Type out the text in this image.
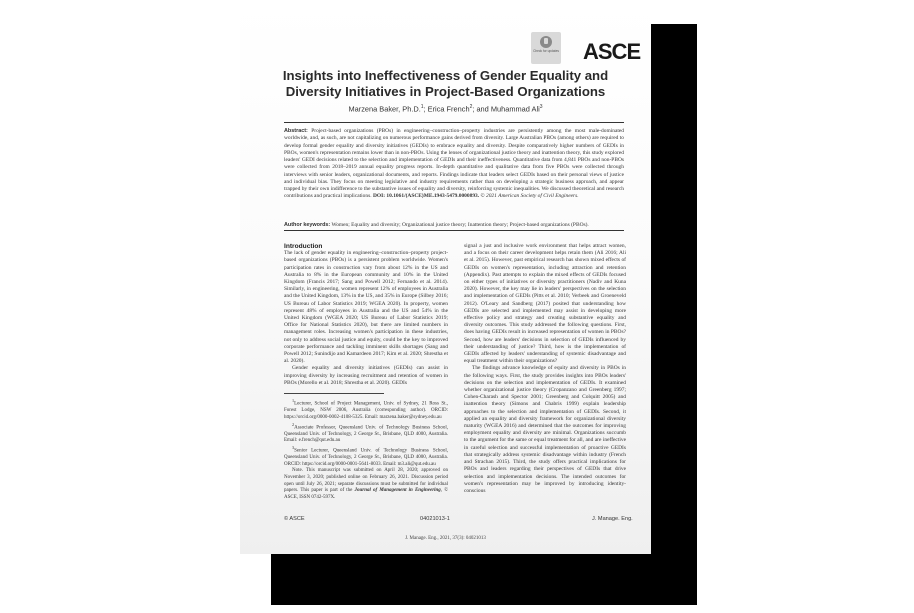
Check for updates ASCE
Insights into Ineffectiveness of Gender Equality and
Diversity Initiatives in Project-Based Organizations
Marzena Baker, Ph.D.$^1$; Erica French$^2$; and Muhammad Ali$^3$
Abstract: Project-based organizations (PBOs) in engineering–construction–property industries are persistently among the most male-dominated worldwide, and, as such, are not capitalizing on numerous performance gains derived from diversity. Large Australian PBOs (among others) are required to develop formal gender equality and diversity initiatives (GEDIs) to embrace equality and diversity. Despite comparatively higher numbers of GEDIs in PBOs, women's representation remains lower than in non-PBOs. Using the lenses of organizational justice theory and inattention theory, this study explored leaders' GEDI decisions related to the selection and implementation of GEDIs and their ineffectiveness. Quantitative data from 4,841 PBOs and non-PBOs were collected from 2018–2019 annual equality progress reports. In-depth quantitative and qualitative data from five PBOs were collected through interviews with senior leaders, organizational documents, and reports. Findings indicate that leaders select GEDIs based on their personal views of justice and individual bias. They focus on meeting legislative and industry requirements rather than on developing a strategic business approach, and appear trapped by their own indifference to the substantive issues of equality and diversity, reinforcing systemic inequalities. We discussed theoretical and research contributions and practical implications. DOI: 10.1061/(ASCE)ME.1943-5479.0000893. © 2021 American Society of Civil Engineers.
Author keywords: Women; Equality and diversity; Organizational justice theory; Inattention theory; Project-based organizations (PBOs).

Introduction

The lack of gender equality in engineering–construction–property project-based organizations (PBOs) is a persistent problem worldwide. Women's participation rates in construction vary from about 12% in the US and Australia to 8% in the European community and 10% in the United Kingdom (Francis 2017; Sang and Powell 2012; Fernando et al. 2014). Similarly, in engineering, women represent 12% of employees in Australia and the United Kingdom, 13% in the US, and 35% in Europe (Silbey 2016; US Bureau of Labor Statistics 2019; WGEA 2020). In property, women represent 48% of employees in Australia and the US and 54% in the United Kingdom (WGEA 2020; US Bureau of Labor Statistics 2019; Office for National Statistics 2020), but there are limited numbers in management roles. Increasing women's participation in these industries, not only to address social justice and equity, could be the key to improved corporate performance and tackling imminent skills shortages (Sang and Powell 2012; Sunindijo and Kamardeen 2017; Kim et al. 2020; Shrestha et al. 2020).

Gender equality and diversity initiatives (GEDIs) can assist in improving diversity by increasing recruitment and retention of women in PBOs (Morello et al. 2018; Shrestha et al. 2020). GEDIs

$^1$Lecturer, School of Project Management, Univ. of Sydney, 21 Ross St., Forest Lodge, NSW 2006, Australia (corresponding author). ORCID: https://orcid.org/0000-0002-4108-5325. Email: marzena.baker@sydney.edu.au

$^2$Associate Professor, Queensland Univ. of Technology Business School, Queensland Univ. of Technology, 2 George St., Brisbane, QLD 4000, Australia. Email: e.french@qut.edu.au

$^3$Senior Lecturer, Queensland Univ. of Technology Business School, Queensland Univ. of Technology, 2 George St., Brisbane, QLD 4000, Australia. ORCID: https://orcid.org/0000-0001-5641-8033. Email: m3.ali@qut.edu.au

Note. This manuscript was submitted on April 28, 2020; approved on November 3, 2020; published online on February 26, 2021. Discussion period open until July 26, 2021; separate discussions must be submitted for individual papers. This paper is part of the Journal of Management in Engineering, © ASCE, ISSN 0742-597X.

signal a just and inclusive work environment that helps attract women, and a focus on their career development helps retain them (Ali 2016; Ali et al. 2015). However, past empirical research has shown mixed effects of GEDIs on women's representation, including attraction and retention (Appendix). Past attempts to explain the mixed effects of GEDIs focused on either types of initiatives or diversity practitioners (Nadiv and Kuna 2020). However, the key may lie in leaders' perspectives on the selection and implementation of GEDIs (Pitts et al. 2010; Verbeek and Groeneveld 2012). O'Leary and Sandberg (2017) posited that understanding how GEDIs are selected and implemented may assist in developing more effective policy and strategy and creating substantive equality and diversity outcomes. This study addressed the following questions. First, does having GEDIs result in increased representation of women in PBOs? Second, how are leaders' decisions in selection of GEDIs influenced by their understanding of justice? Third, how is the implementation of GEDIs affected by leaders' understanding of systemic disadvantage and equal treatment within their organizations?

The findings advance knowledge of equity and diversity in PBOs in the following ways. First, the study provides insights into PBOs leaders' decisions on the selection and implementation of GEDIs. It examined whether organizational justice theory (Cropanzano and Greenberg 1997; Cohen-Charash and Spector 2001; Greenberg and Colquitt 2005) and inattention theory (Simons and Chabris 1999) explain leadership approaches to the selection and implementation of GEDIs. Second, it applied an equality and diversity framework for organizational diversity maturity (WGEA 2016) and determined that the outcomes for improving employment equality and diversity are minimal. Organizations succumb to the argument for the same or equal treatment for all, and are ineffective in careful selection and successful implementation of proactive GEDIs that strategically address systemic disadvantage within industry (French and Strachan 2015). Third, the study offers practical implications for PBOs and leaders regarding their perspectives of GEDIs that drive selection and implementation decisions. The intended outcomes for women's representation may be improved by introducing identity-conscious

© ASCE	04021013-1	J. Manage. Eng.
J. Manage. Eng., 2021, 37(3): 04021013
